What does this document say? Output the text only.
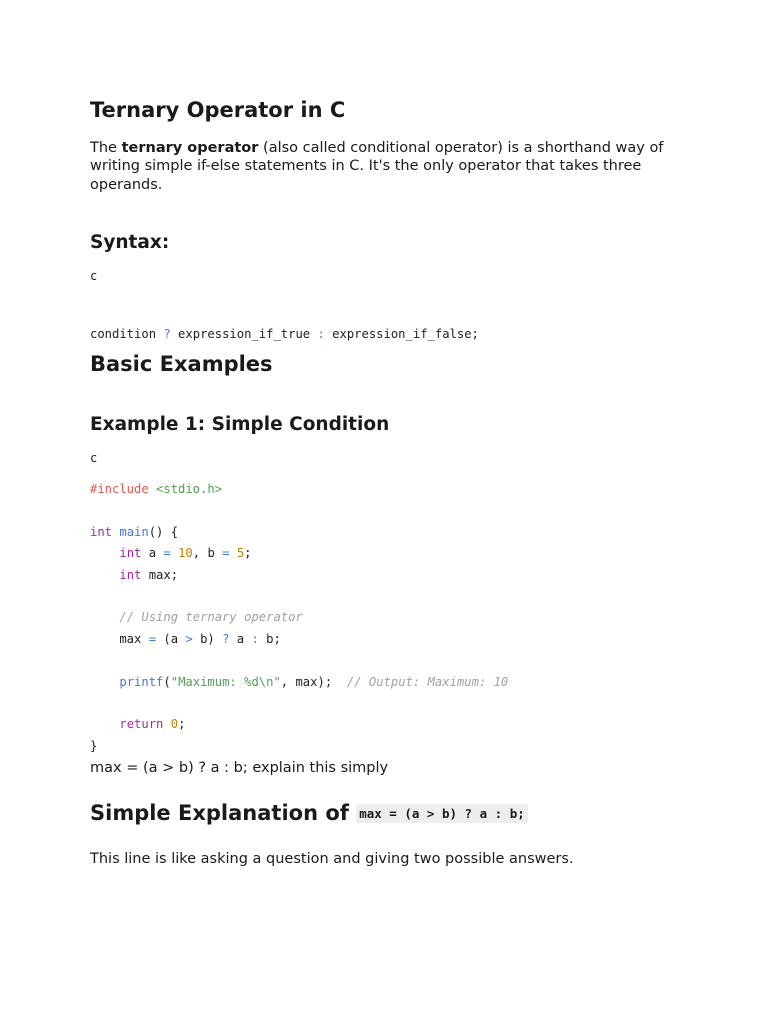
Ternary Operator in C

The ternary operator (also called conditional operator) is a shorthand way of writing simple if-else statements in C. It's the only operator that takes three operands.

Syntax:
c

condition ? expression_if_true : expression_if_false;

Basic Examples
Example 1: Simple Condition
c
#include <stdio.h>
int main() {
int a = 10, b = 5;
int max;
// Using ternary operator
max = (a > b) ? a : b;
printf("Maximum: %d\n", max);  // Output: Maximum: 10
return 0;
}
max = (a > b) ? a : b; explain this simply
Simple Explanation of max = (a > b) ? a : b;
This line is like asking a question and giving two possible answers.
